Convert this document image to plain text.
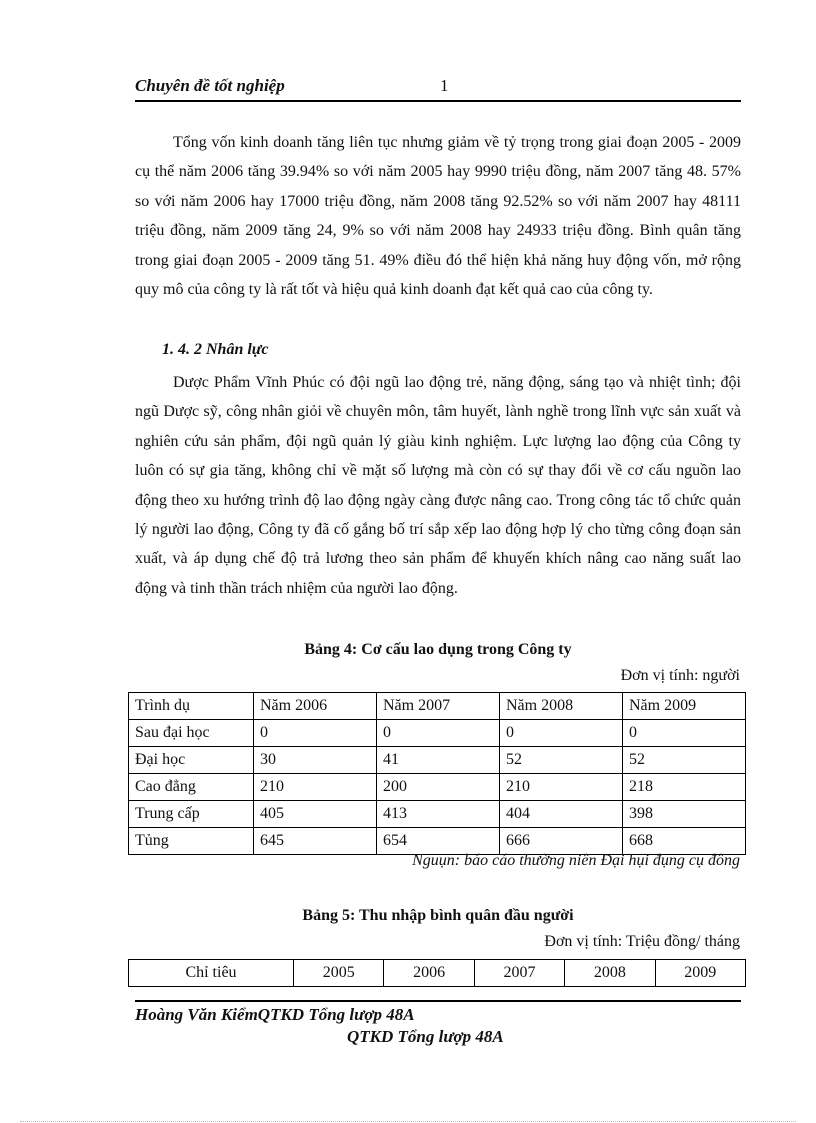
Chuyên đề tốt nghiệp	1
Tổng vốn kinh doanh tăng liên tục nhưng giảm về tỷ trọng trong giai đoạn 2005 - 2009 cụ thể năm 2006 tăng 39.94% so với năm 2005 hay 9990 triệu đồng, năm 2007 tăng 48. 57% so với năm 2006 hay 17000 triệu đồng, năm 2008 tăng 92.52% so với năm 2007 hay 48111 triệu đồng, năm 2009 tăng 24, 9% so với năm 2008 hay 24933 triệu đồng. Bình quân tăng trong giai đoạn 2005 - 2009 tăng 51. 49% điều đó thể hiện khả năng huy động vốn, mở rộng quy mô của công ty là rất tốt và hiệu quả kinh doanh đạt kết quả cao của công ty.
1. 4. 2 Nhân lực
Dược Phẩm Vĩnh Phúc có đội ngũ lao động trẻ, năng động, sáng tạo và nhiệt tình; đội ngũ Dược sỹ, công nhân giỏi về chuyên môn, tâm huyết, lành nghề trong lĩnh vực sản xuất và nghiên cứu sản phẩm, đội ngũ quản lý giàu kinh nghiệm. Lực lượng lao động của Công ty luôn có sự gia tăng, không chỉ về mặt số lượng mà còn có sự thay đổi về cơ cấu nguồn lao động theo xu hướng trình độ lao động ngày càng được nâng cao. Trong công tác tổ chức quản lý người lao động, Công ty đã cố gắng bố trí sắp xếp lao động hợp lý cho từng công đoạn sản xuất, và áp dụng chế độ trả lương theo sản phẩm để khuyến khích nâng cao năng suất lao động và tinh thần trách nhiệm của người lao động.
Bảng 4: Cơ cấu lao dụng trong Công ty
Đơn vị tính: người
Trình dụ	Năm 2006	Năm 2007	Năm 2008	Năm 2009
Sau đại học	0	0	0	0
Đại học	30	41	52	52
Cao đẳng	210	200	210	218
Trung cấp	405	413	404	398
Tủng	645	654	666	668
Nguụn: báo cáo thường niên Đại hụi đụng cụ đông
Bảng 5: Thu nhập bình quân đầu người
Đơn vị tính: Triệu đồng/ tháng
Chỉ tiêu	2005	2006	2007	2008	2009
Hoàng Văn KiểmQTKD Tổng lượp 48A
QTKD Tổng lượp 48A
